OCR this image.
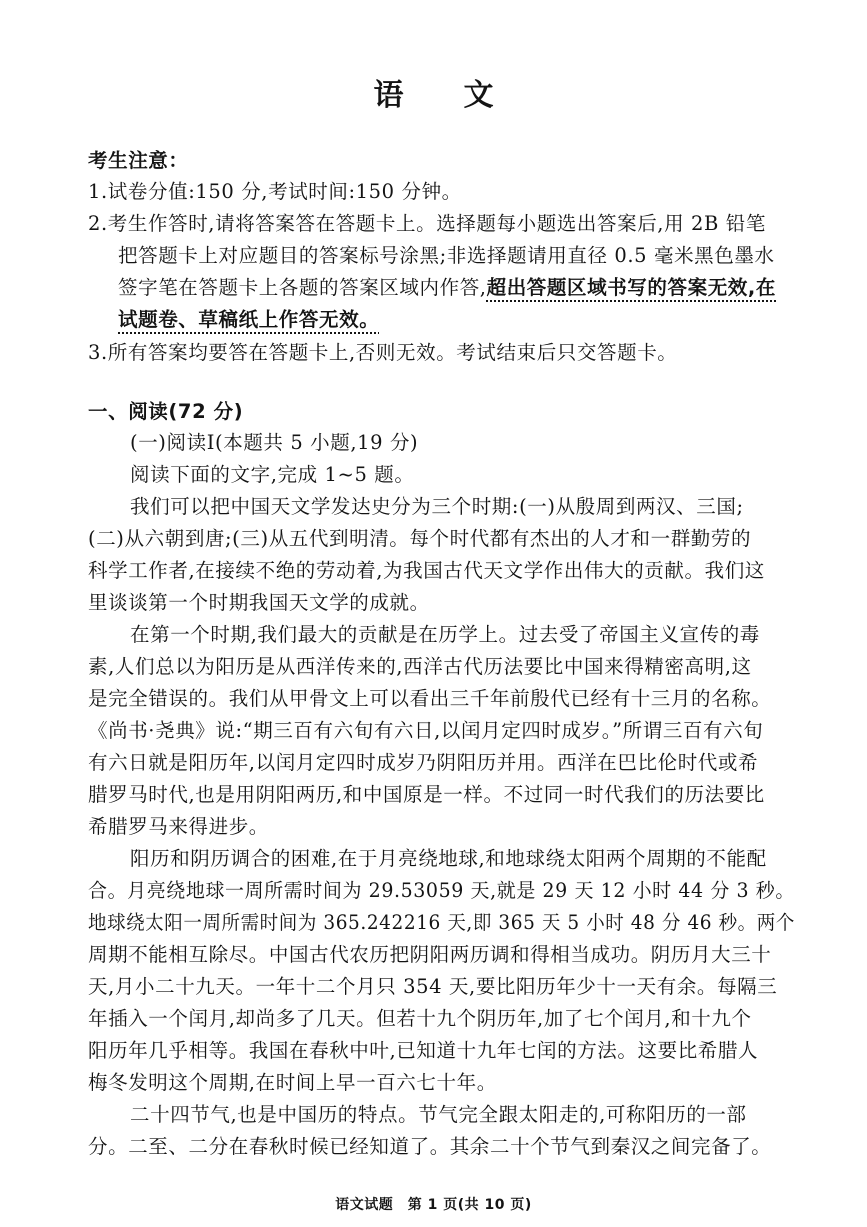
语 文
考生注意：
1.试卷分值:150 分,考试时间:150 分钟。
2.考生作答时,请将答案答在答题卡上。选择题每小题选出答案后,用 2B 铅笔
把答题卡上对应题目的答案标号涂黑;非选择题请用直径 0.5 毫米黑色墨水
签字笔在答题卡上各题的答案区域内作答,超出答题区域书写的答案无效,在
试题卷、草稿纸上作答无效。
3.所有答案均要答在答题卡上,否则无效。考试结束后只交答题卡。
一、阅读(72 分)
(一)阅读Ⅰ(本题共 5 小题,19 分)
阅读下面的文字,完成 1~5 题。
我们可以把中国天文学发达史分为三个时期:(一)从殷周到两汉、三国;
(二)从六朝到唐;(三)从五代到明清。每个时代都有杰出的人才和一群勤劳的
科学工作者,在接续不绝的劳动着,为我国古代天文学作出伟大的贡献。我们这
里谈谈第一个时期我国天文学的成就。
在第一个时期,我们最大的贡献是在历学上。过去受了帝国主义宣传的毒
素,人们总以为阳历是从西洋传来的,西洋古代历法要比中国来得精密高明,这
是完全错误的。我们从甲骨文上可以看出三千年前殷代已经有十三月的名称。
《尚书·尧典》说:“期三百有六旬有六日,以闰月定四时成岁。”所谓三百有六旬
有六日就是阳历年,以闰月定四时成岁乃阴阳历并用。西洋在巴比伦时代或希
腊罗马时代,也是用阴阳两历,和中国原是一样。不过同一时代我们的历法要比
希腊罗马来得进步。
阳历和阴历调合的困难,在于月亮绕地球,和地球绕太阳两个周期的不能配
合。月亮绕地球一周所需时间为 29.53059 天,就是 29 天 12 小时 44 分 3 秒。
地球绕太阳一周所需时间为 365.242216 天,即 365 天 5 小时 48 分 46 秒。两个
周期不能相互除尽。中国古代农历把阴阳两历调和得相当成功。阴历月大三十
天,月小二十九天。一年十二个月只 354 天,要比阳历年少十一天有余。每隔三
年插入一个闰月,却尚多了几天。但若十九个阴历年,加了七个闰月,和十九个
阳历年几乎相等。我国在春秋中叶,已知道十九年七闰的方法。这要比希腊人
梅冬发明这个周期,在时间上早一百六七十年。
二十四节气,也是中国历的特点。节气完全跟太阳走的,可称阳历的一部
分。二至、二分在春秋时候已经知道了。其余二十个节气到秦汉之间完备了。
语文试题　第 1 页(共 10 页)
